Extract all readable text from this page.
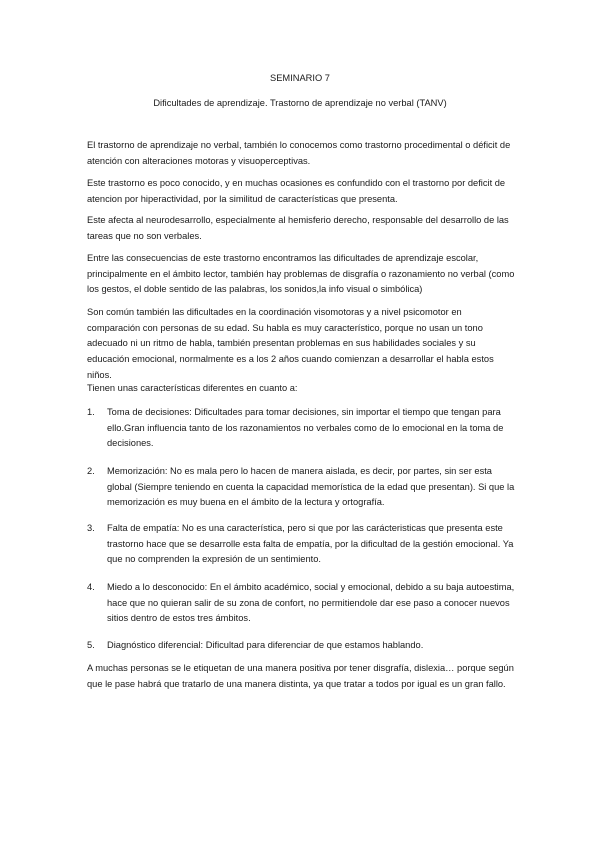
SEMINARIO 7
Dificultades de aprendizaje. Trastorno de aprendizaje no verbal (TANV)
El trastorno de aprendizaje no verbal, también lo conocemos como trastorno procedimental o déficit de atención con alteraciones motoras y visuoperceptivas.
Este trastorno es poco conocido, y en muchas ocasiones es confundido con el trastorno por deficit de atencion por hiperactividad, por la similitud de características que presenta.
Este afecta al neurodesarrollo, especialmente al hemisferio derecho, responsable del desarrollo de las tareas que no son verbales.
Entre las consecuencias de este trastorno encontramos las dificultades de aprendizaje escolar, principalmente en el ámbito lector, también hay problemas de disgrafía o razonamiento no verbal (como los gestos, el doble sentido de las palabras, los sonidos,la info visual o simbólica)
Son común también las dificultades en la coordinación visomotoras y a nivel psicomotor en comparación con personas de su edad. Su habla es muy característico, porque no usan un tono adecuado ni un ritmo de habla, también presentan problemas en sus habilidades sociales y su educación emocional, normalmente es a los 2 años cuando comienzan a desarrollar el habla estos niños.
Tienen unas características diferentes en cuanto a:
1.	Toma de decisiones: Dificultades para tomar decisiones, sin importar el tiempo que tengan para ello.Gran influencia tanto de los razonamientos no verbales como de lo emocional en la toma de decisiones.
2.	Memorización: No es mala pero lo hacen de manera aislada, es decir, por partes, sin ser esta global (Siempre teniendo en cuenta la capacidad memorística de la edad que presentan). Si que la memorización es muy buena en el ámbito de la lectura y ortografía.
3.	Falta de empatía: No es una característica, pero si que por las carácteristicas que presenta este trastorno hace que se desarrolle esta falta de empatía, por la dificultad de la gestión emocional. Ya que no comprenden la expresión de un sentimiento.
4.	Miedo a lo desconocido: En el ámbito académico, social y emocional, debido a su baja autoestima, hace que no quieran salir de su zona de confort, no permitiendole dar ese paso a conocer nuevos sitios dentro de estos tres ámbitos.
5.	Diagnóstico diferencial: Dificultad para diferenciar de que estamos hablando.
A muchas personas se le etiquetan de una manera positiva por tener disgrafía, dislexia… porque según que le pase habrá que tratarlo de una manera distinta, ya que tratar a todos por igual es un gran fallo.
